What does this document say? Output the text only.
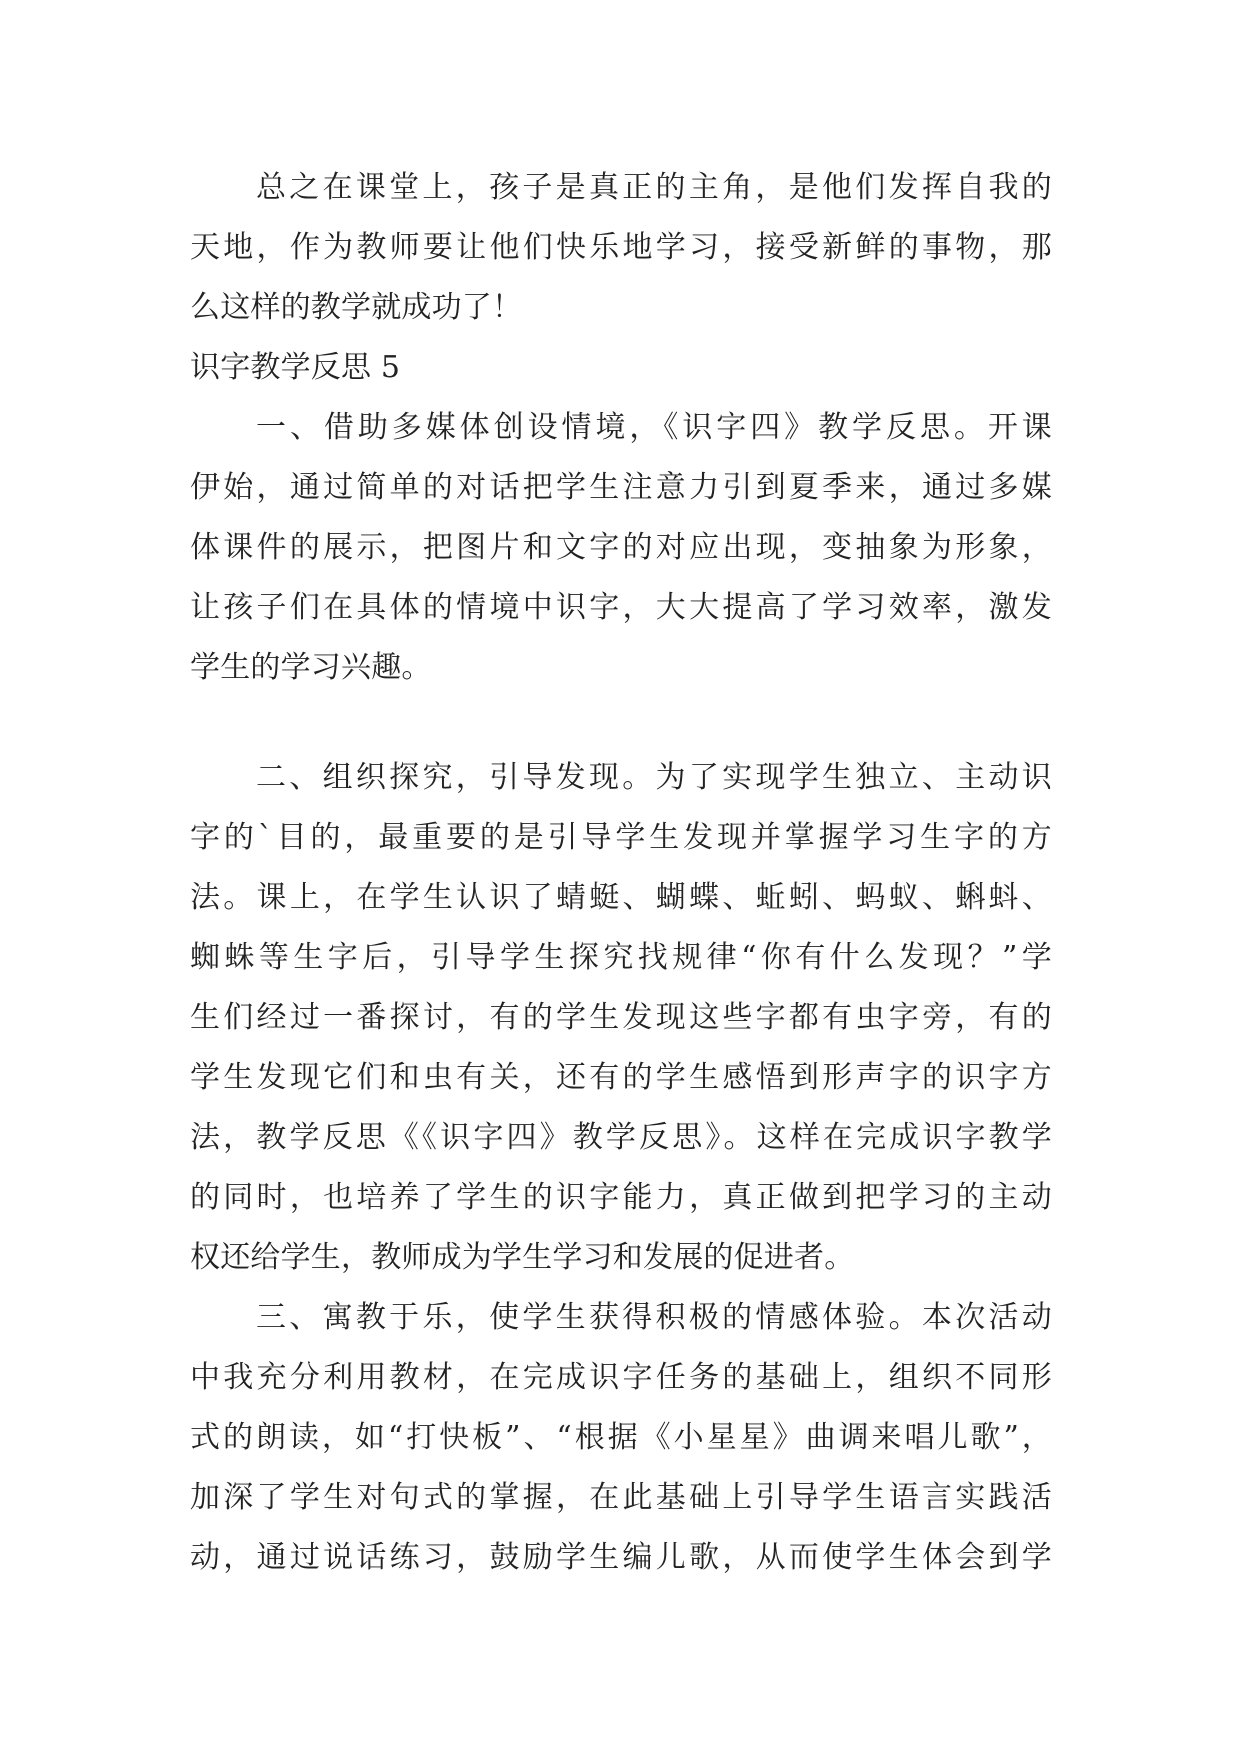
总之在课堂上，孩子是真正的主角，是他们发挥自我的
天地，作为教师要让他们快乐地学习，接受新鲜的事物，那
么这样的教学就成功了！
识字教学反思 5
一、借助多媒体创设情境，《识字四》教学反思。开课
伊始，通过简单的对话把学生注意力引到夏季来，通过多媒
体课件的展示，把图片和文字的对应出现，变抽象为形象，
让孩子们在具体的情境中识字，大大提高了学习效率，激发
学生的学习兴趣。
二、组织探究，引导发现。为了实现学生独立、主动识
字的`目的，最重要的是引导学生发现并掌握学习生字的方
法。课上，在学生认识了蜻蜓、蝴蝶、蚯蚓、蚂蚁、蝌蚪、
蜘蛛等生字后，引导学生探究找规律“你有什么发现？”学
生们经过一番探讨，有的学生发现这些字都有虫字旁，有的
学生发现它们和虫有关，还有的学生感悟到形声字的识字方
法，教学反思《《识字四》教学反思》。这样在完成识字教学
的同时，也培养了学生的识字能力，真正做到把学习的主动
权还给学生，教师成为学生学习和发展的促进者。
三、寓教于乐，使学生获得积极的情感体验。本次活动
中我充分利用教材，在完成识字任务的基础上，组织不同形
式的朗读，如“打快板”、“根据《小星星》曲调来唱儿歌”，
加深了学生对句式的掌握，在此基础上引导学生语言实践活
动，通过说话练习，鼓励学生编儿歌，从而使学生体会到学
